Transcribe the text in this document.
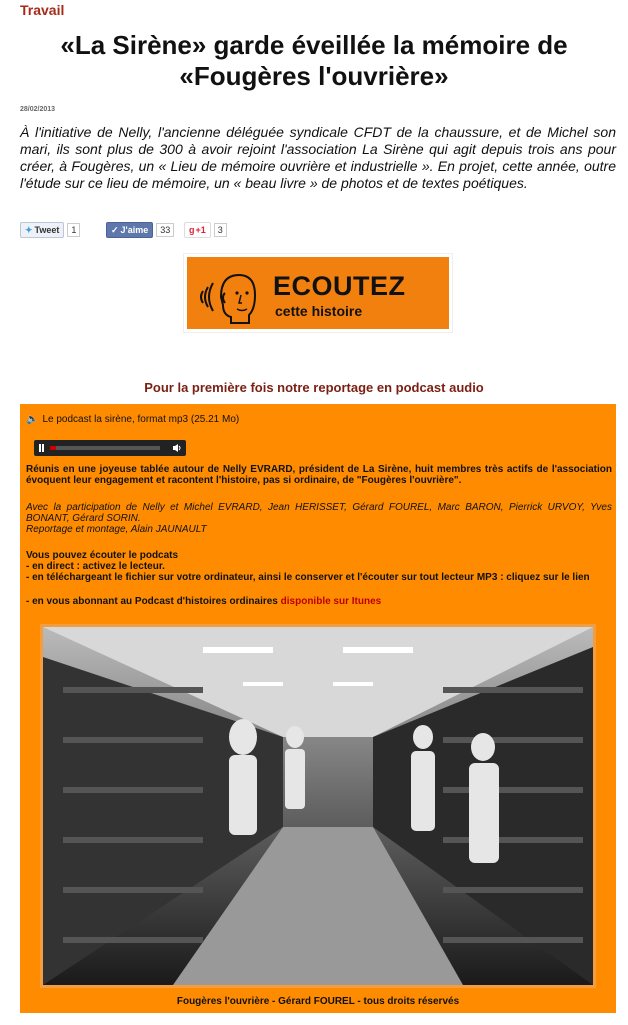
Travail
«La Sirène» garde éveillée la mémoire de
«Fougères l'ouvrière»
28/02/2013

À l'initiative de Nelly, l'ancienne déléguée syndicale CFDT de la chaussure, et de Michel son mari, ils sont plus de 300 à avoir rejoint l'association La Sirène qui agit depuis trois ans pour créer, à Fougères, un « Lieu de mémoire ouvrière et industrielle ». En projet, cette année, outre l'étude sur ce lieu de mémoire, un « beau livre » de photos et de textes poétiques.

✦ Tweet	1	✓ J'aime	33	g +1	3
ECOUTEZ
cette histoire
Pour la première fois notre reportage en podcast audio
🔈 Le podcast la sirène, format mp3 (25.21 Mo)

Réunis en une joyeuse tablée autour de Nelly EVRARD, président de La Sirène, huit membres très actifs de l'association évoquent leur engagement et racontent l'histoire, pas si ordinaire, de "Fougères l'ouvrière".

Avec la participation de Nelly et Michel EVRARD, Jean HERISSET, Gérard FOUREL, Marc BARON, Pierrick URVOY, Yves BONANT, Gérard SORIN.

Reportage et montage, Alain JAUNAULT

Vous pouvez écouter le podcats

- en direct : activez le lecteur.

- en téléchargeant le fichier sur votre ordinateur, ainsi le conserver et l'écouter sur tout lecteur MP3 : cliquez sur le lien

- en vous abonnant au Podcast d'histoires ordinaires disponible sur Itunes

Fougères l'ouvrière - Gérard FOUREL - tous droits réservés
